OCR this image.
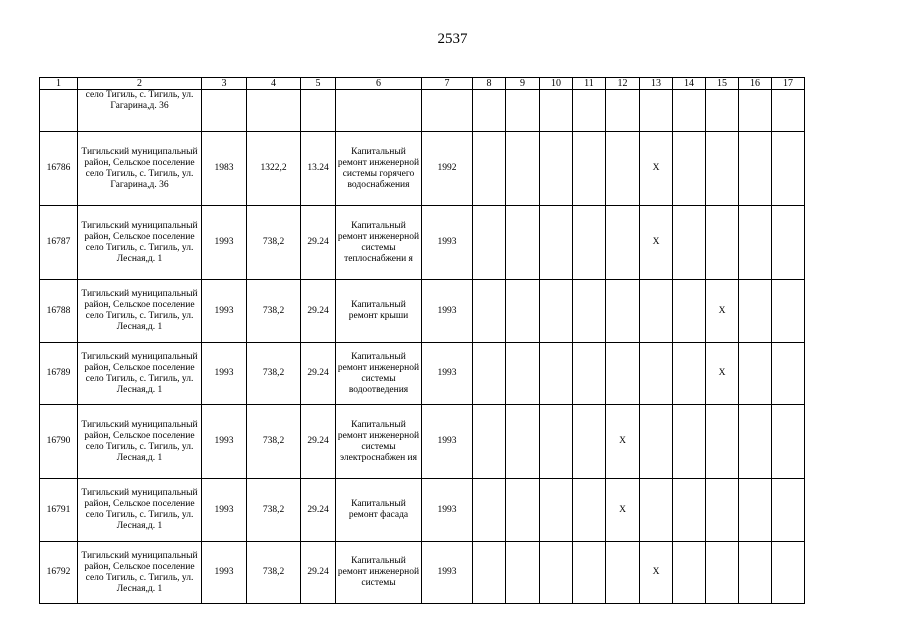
2537
1	2	3	4	5	6	7	8	9	10	11	12	13	14	15	16	17
	село Тигиль, с. Тигиль, ул. Гагарина,д. 36															
16786	Тигильский муниципальный район, Сельское поселение село Тигиль, с. Тигиль, ул. Гагарина,д. 36	1983	1322,2	13.24	Капитальный ремонт инженерной системы горячего водоснабжения	1992						X				
16787	Тигильский муниципальный район, Сельское поселение село Тигиль, с. Тигиль, ул. Лесная,д. 1	1993	738,2	29.24	Капитальный ремонт инженерной системы теплоснабжени я	1993						X				
16788	Тигильский муниципальный район, Сельское поселение село Тигиль, с. Тигиль, ул. Лесная,д. 1	1993	738,2	29.24	Капитальный ремонт крыши	1993								X		
16789	Тигильский муниципальный район, Сельское поселение село Тигиль, с. Тигиль, ул. Лесная,д. 1	1993	738,2	29.24	Капитальный ремонт инженерной системы водоотведения	1993								X		
16790	Тигильский муниципальный район, Сельское поселение село Тигиль, с. Тигиль, ул. Лесная,д. 1	1993	738,2	29.24	Капитальный ремонт инженерной системы электроснабжен ия	1993					X					
16791	Тигильский муниципальный район, Сельское поселение село Тигиль, с. Тигиль, ул. Лесная,д. 1	1993	738,2	29.24	Капитальный ремонт фасада	1993					X					
16792	Тигильский муниципальный район, Сельское поселение село Тигиль, с. Тигиль, ул. Лесная,д. 1	1993	738,2	29.24	Капитальный ремонт инженерной системы	1993						X				
